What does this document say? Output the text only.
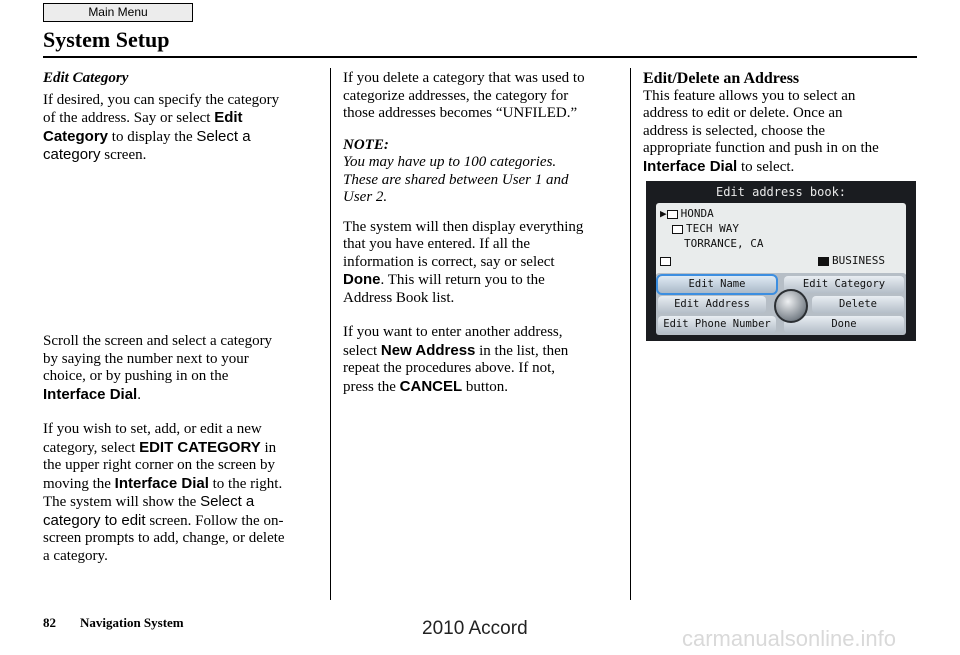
Main Menu
System Setup

Edit Category

If desired, you can specify the category
of the address. Say or select Edit
Category to display the Select a
category screen.

Scroll the screen and select a category
by saying the number next to your
choice, or by pushing in on the
Interface Dial.

If you wish to set, add, or edit a new
category, select EDIT CATEGORY in
the upper right corner on the screen by
moving the Interface Dial to the right.
The system will show the Select a
category to edit screen. Follow the on-
screen prompts to add, change, or delete
a category.

If you delete a category that was used to
categorize addresses, the category for
those addresses becomes “UNFILED.”

NOTE:

You may have up to 100 categories.
These are shared between User 1 and
User 2.

The system will then display everything
that you have entered. If all the
information is correct, say or select
Done. This will return you to the
Address Book list.

If you want to enter another address,
select New Address in the list, then
repeat the procedures above. If not,
press the CANCEL button.

Edit/Delete an Address

This feature allows you to select an
address to edit or delete. Once an
address is selected, choose the
appropriate function and push in on the
Interface Dial to select.

Edit address book:
▶ HONDA
TECH WAY
TORRANCE, CA
BUSINESS
Edit Name	Edit Category
Edit Address	Delete
Edit Phone Number	Done
82 Navigation System	2010 Accord	carmanualsonline.info
